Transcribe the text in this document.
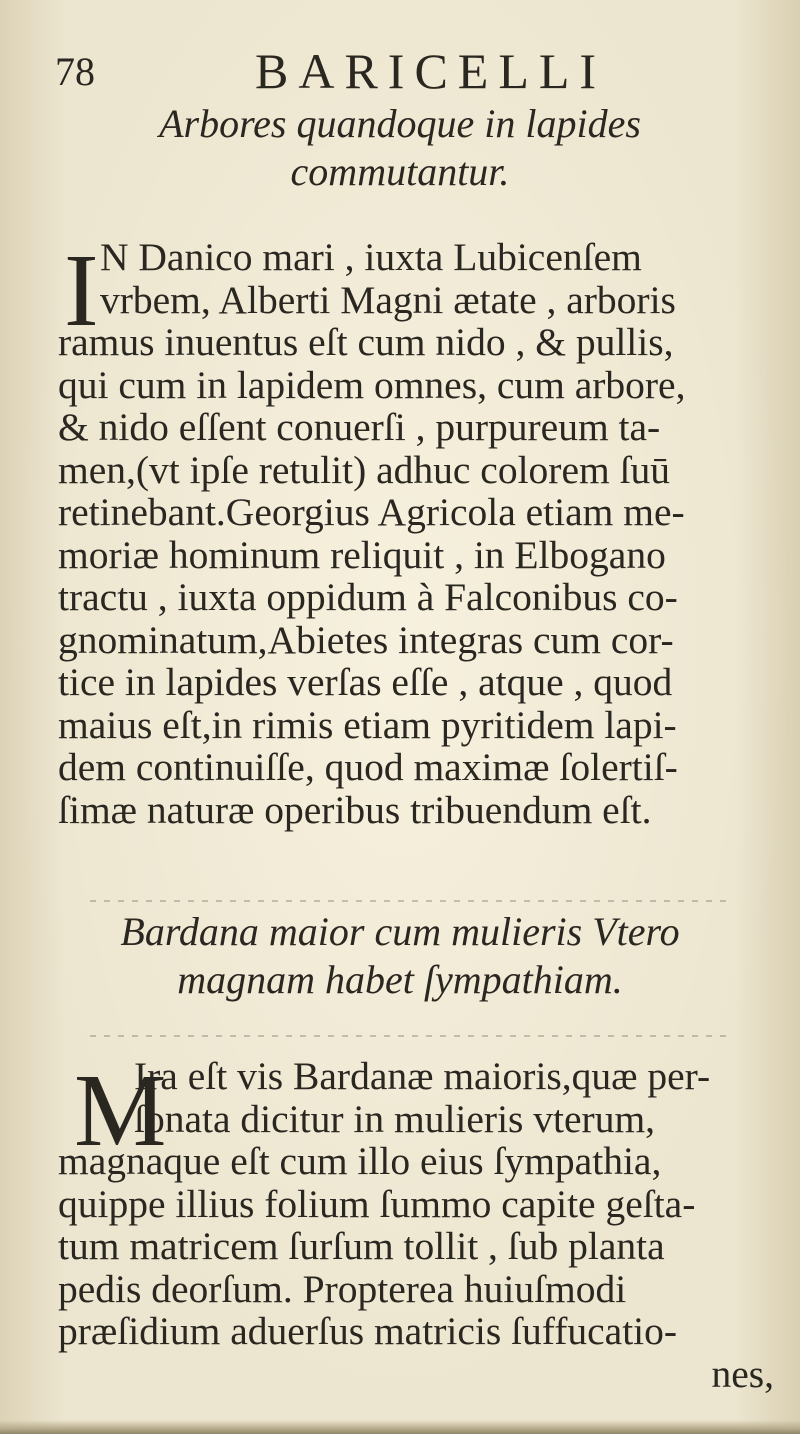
78	BARICELLI
Arbores quandoque in lapides
commutantur.
I N Danico mari , iuxta Lubicenſem
vrbem, Alberti Magni ætate , arboris
ramus inuentus eſt cum nido , & pullis,
qui cum in lapidem omnes, cum arbore,
& nido eſſent conuerſi , purpureum ta-
men,(vt ipſe retulit) adhuc colorem ſuū
retinebant.Georgius Agricola etiam me-
moriæ hominum reliquit , in Elbogano
tractu , iuxta oppidum à Falconibus co-
gnominatum,Abietes integras cum cor-
tice in lapides verſas eſſe , atque , quod
maius eſt,in rimis etiam pyritidem lapi-
dem continuiſſe, quod maximæ ſolertiſ-
ſimæ naturæ operibus tribuendum eſt.
Bardana maior cum mulieris Vtero
magnam habet ſympathiam.
M
Ira eſt vis Bardanæ maioris,quæ per-
ſonata dicitur in mulieris vterum,
magnaque eſt cum illo eius ſympathia,
quippe illius folium ſummo capite geſta-
tum matricem ſurſum tollit , ſub planta
pedis deorſum. Propterea huiuſmodi
præſidium aduerſus matricis ſuffucatio-
nes,
